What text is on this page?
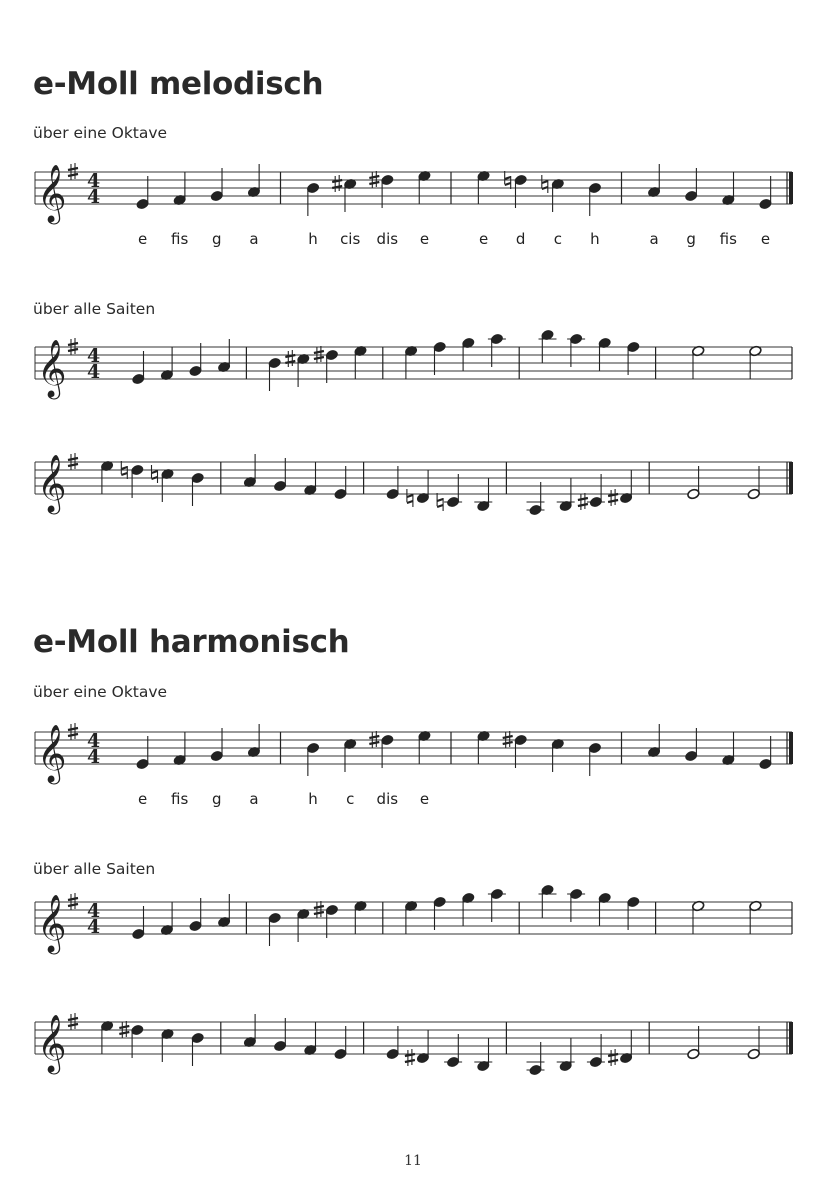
e-Moll melodisch

über eine Oktave

𝄞 4
4
e fis g a	h cis dis e	e d c h	a g fis e

über alle Saiten

𝄞 4
4
𝄞
e-Moll harmonisch

über eine Oktave

𝄞 4
4
e fis g a	h c dis e

über alle Saiten

𝄞 4
4
𝄞
11
